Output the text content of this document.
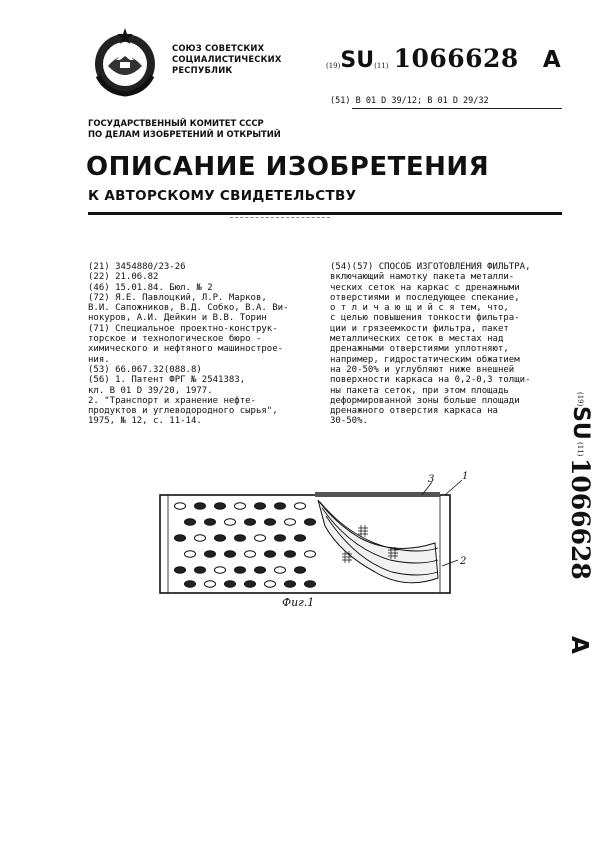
СОЮЗ СОВЕТСКИХ
СОЦИАЛИСТИЧЕСКИХ
РЕСПУБЛИК	(19)SU(11) 1066628 A
(51) В 01 D 39/12; В 01 D 29/32
ГОСУДАРСТВЕННЫЙ КОМИТЕТ СССР
ПО ДЕЛАМ ИЗОБРЕТЕНИЙ И ОТКРЫТИЙ
ОПИСАНИЕ ИЗОБРЕТЕНИЯ
К АВТОРСКОМУ СВИДЕТЕЛЬСТВУ
(21) 3454880/23-26
(22) 21.06.82
(46) 15.01.84. Бюл. № 2
(72) Я.Е. Павлоцкий, Л.Р. Марков,
В.И. Сапожников, В.Д. Собко, В.А. Ви-
нокуров, А.И. Дейкин и В.В. Торин
(71) Специальное проектно-конструк-
торское и технологическое бюро -
химического и нефтяного машиностроe-
ния.
(53) 66.067.32(088.8)
(56) 1. Патент ФРГ № 2541383,
кл. В 01 D 39/20, 1977.
2. "Транспорт и хранение нефте-
продуктов и углеводородного сырья",
1975, № 12, с. 11-14.
(54)(57) СПОСОБ ИЗГОТОВЛЕНИЯ ФИЛЬТРА,
включающий намотку пакета металли-
ческих сеток на каркас с дренажными
отверстиями и последующее спекание,
о т л и ч а ю щ и й с я тем, что,
с целью повышения тонкости фильтра-
ции и грязеемкости фильтра, пакет
металлических сеток в местах над
дренажными отверстиями уплотняют,
например, гидростатическим обжатием
на 20-50% и углубляют ниже внешней
поверхности каркаса на 0,2-0,3 толщи-
ны пакета сеток, при этом площадь
деформированной зоны больше площади
дренажного отверстия каркаса на
30-50%.
(19)
SU
(11)
1066628
A
3	1
2
Фиг.1
